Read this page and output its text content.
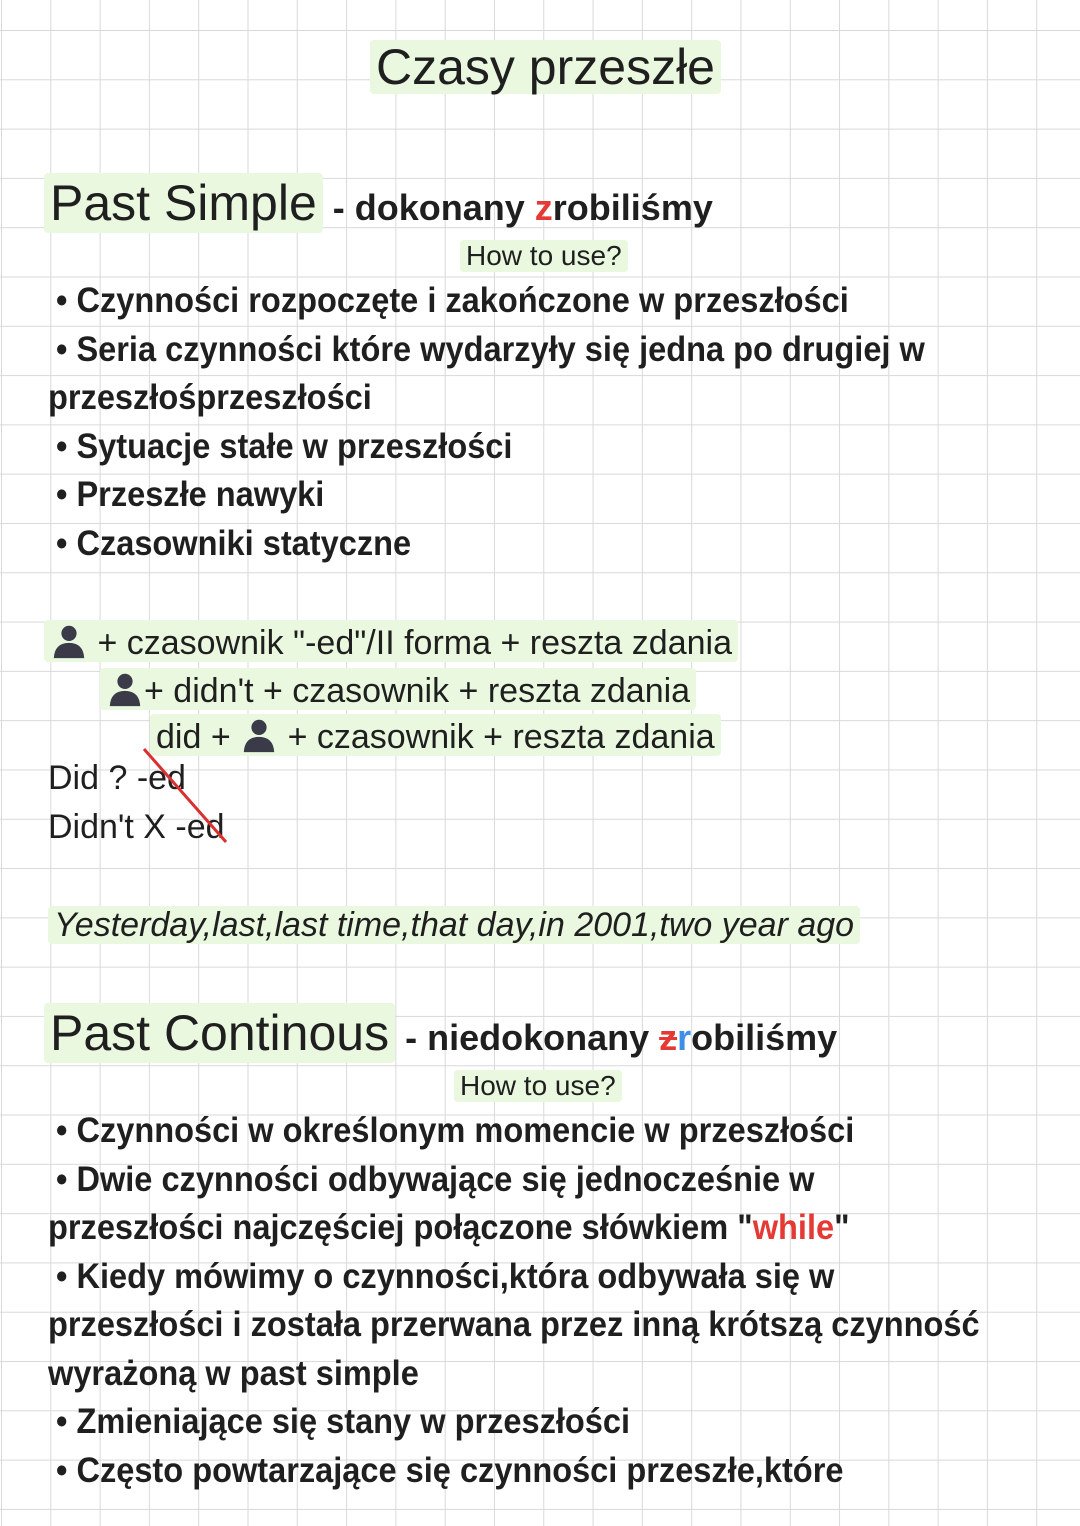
Czasy przeszłe
Past Simple - dokonany zrobiliśmy
How to use?
• Czynności rozpoczęte i zakończone w przeszłości
• Seria czynności które wydarzyły się jedna po drugiej w
przeszłośprzeszłości
• Sytuacje stałe w przeszłości
• Przeszłe nawyki
• Czasowniki statyczne
+ czasownik "-ed"/II forma + reszta zdania
+ didn't + czasownik + reszta zdania
did +  + czasownik + reszta zdania
Did ? -ed
Didn't X -ed
Yesterday,last,last time,that day,in 2001,two year ago
Past Continous - niedokonany zrobiliśmy
How to use?
• Czynności w określonym momencie w przeszłości
• Dwie czynności odbywające się jednocześnie w
przeszłości najczęściej połączone słówkiem "while"
• Kiedy mówimy o czynności,która odbywała się w
przeszłości i została przerwana przez inną krótszą czynność
wyrażoną w past simple
• Zmieniające się stany w przeszłości
• Często powtarzające się czynności przeszłe,które
